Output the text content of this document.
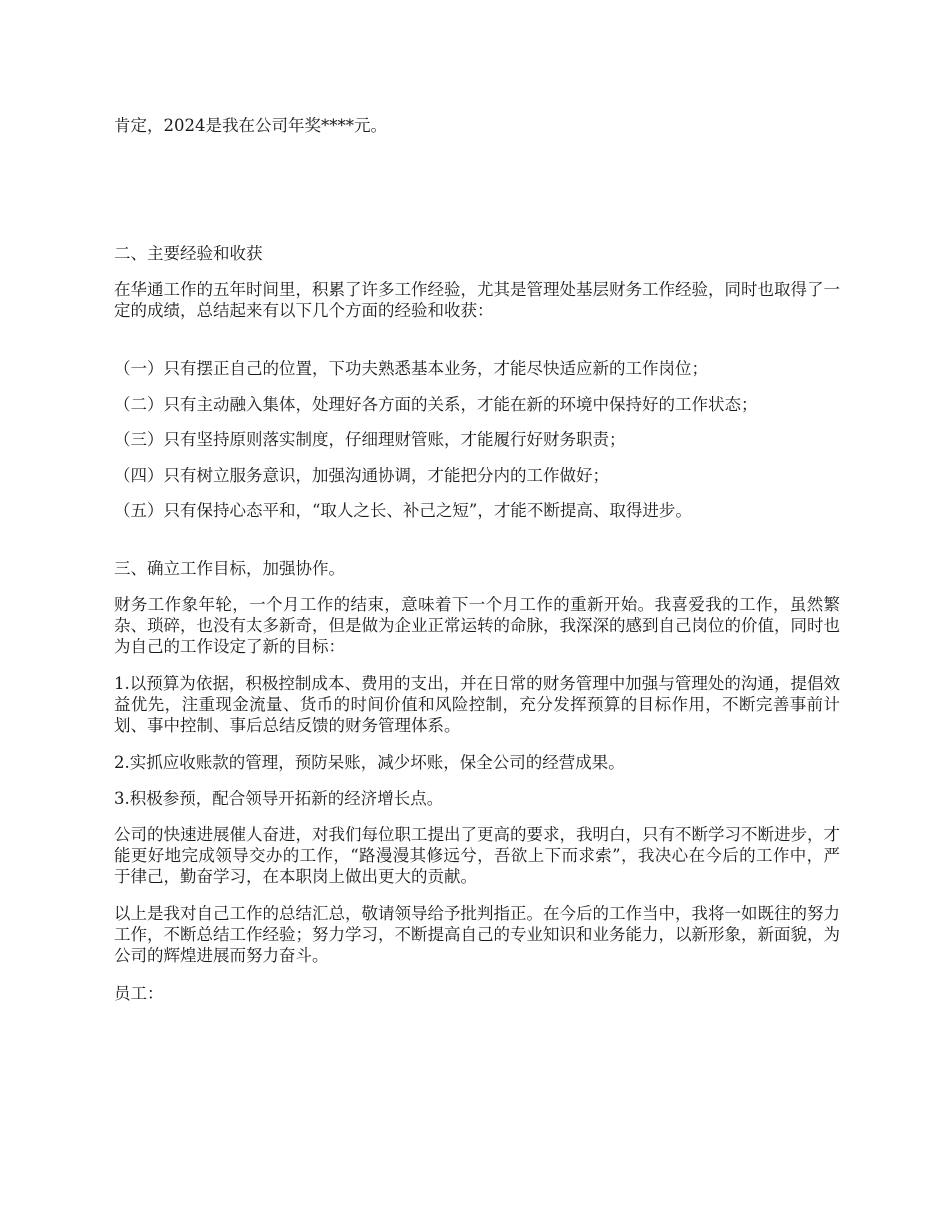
肯定，2024是我在公司年奖****元。

二、主要经验和收获

在华通工作的五年时间里，积累了许多工作经验，尤其是管理处基层财务工作经验，同时也取得了一定的成绩，总结起来有以下几个方面的经验和收获：

（一）只有摆正自己的位置，下功夫熟悉基本业务，才能尽快适应新的工作岗位；

（二）只有主动融入集体，处理好各方面的关系，才能在新的环境中保持好的工作状态；

（三）只有坚持原则落实制度，仔细理财管账，才能履行好财务职责；

（四）只有树立服务意识，加强沟通协调，才能把分内的工作做好；

（五）只有保持心态平和，“取人之长、补己之短”，才能不断提高、取得进步。

三、确立工作目标，加强协作。

财务工作象年轮，一个月工作的结束，意味着下一个月工作的重新开始。我喜爱我的工作，虽然繁杂、琐碎，也没有太多新奇，但是做为企业正常运转的命脉，我深深的感到自己岗位的价值，同时也为自己的工作设定了新的目标：

1.以预算为依据，积极控制成本、费用的支出，并在日常的财务管理中加强与管理处的沟通，提倡效益优先，注重现金流量、货币的时间价值和风险控制，充分发挥预算的目标作用，不断完善事前计划、事中控制、事后总结反馈的财务管理体系。

2.实抓应收账款的管理，预防呆账，减少坏账，保全公司的经营成果。

3.积极参预，配合领导开拓新的经济增长点。

公司的快速进展催人奋进，对我们每位职工提出了更高的要求，我明白，只有不断学习不断进步，才能更好地完成领导交办的工作，“路漫漫其修远兮，吾欲上下而求索”，我决心在今后的工作中，严于律己，勤奋学习，在本职岗上做出更大的贡献。

以上是我对自己工作的总结汇总，敬请领导给予批判指正。在今后的工作当中，我将一如既往的努力工作，不断总结工作经验；努力学习，不断提高自己的专业知识和业务能力，以新形象，新面貌，为公司的辉煌进展而努力奋斗。

员工：
